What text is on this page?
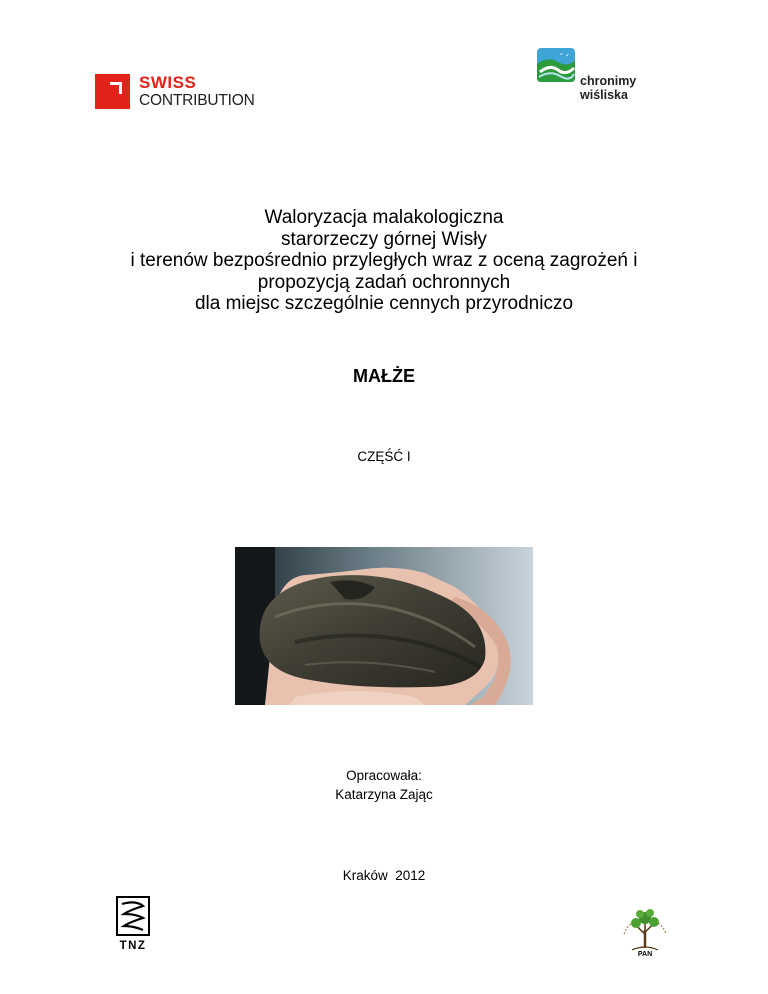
SWISS
CONTRIBUTION
chronimy
wiśliska
Waloryzacja malakologiczna
starorzeczy górnej Wisły
i terenów bezpośrednio przyległych wraz z oceną zagrożeń i
propozycją zadań ochronnych
dla miejsc szczególnie cennych przyrodniczo
MAŁŻE
CZĘŚĆ I
Opracowała:
Katarzyna Zając
Kraków  2012
TNZ
PAN
